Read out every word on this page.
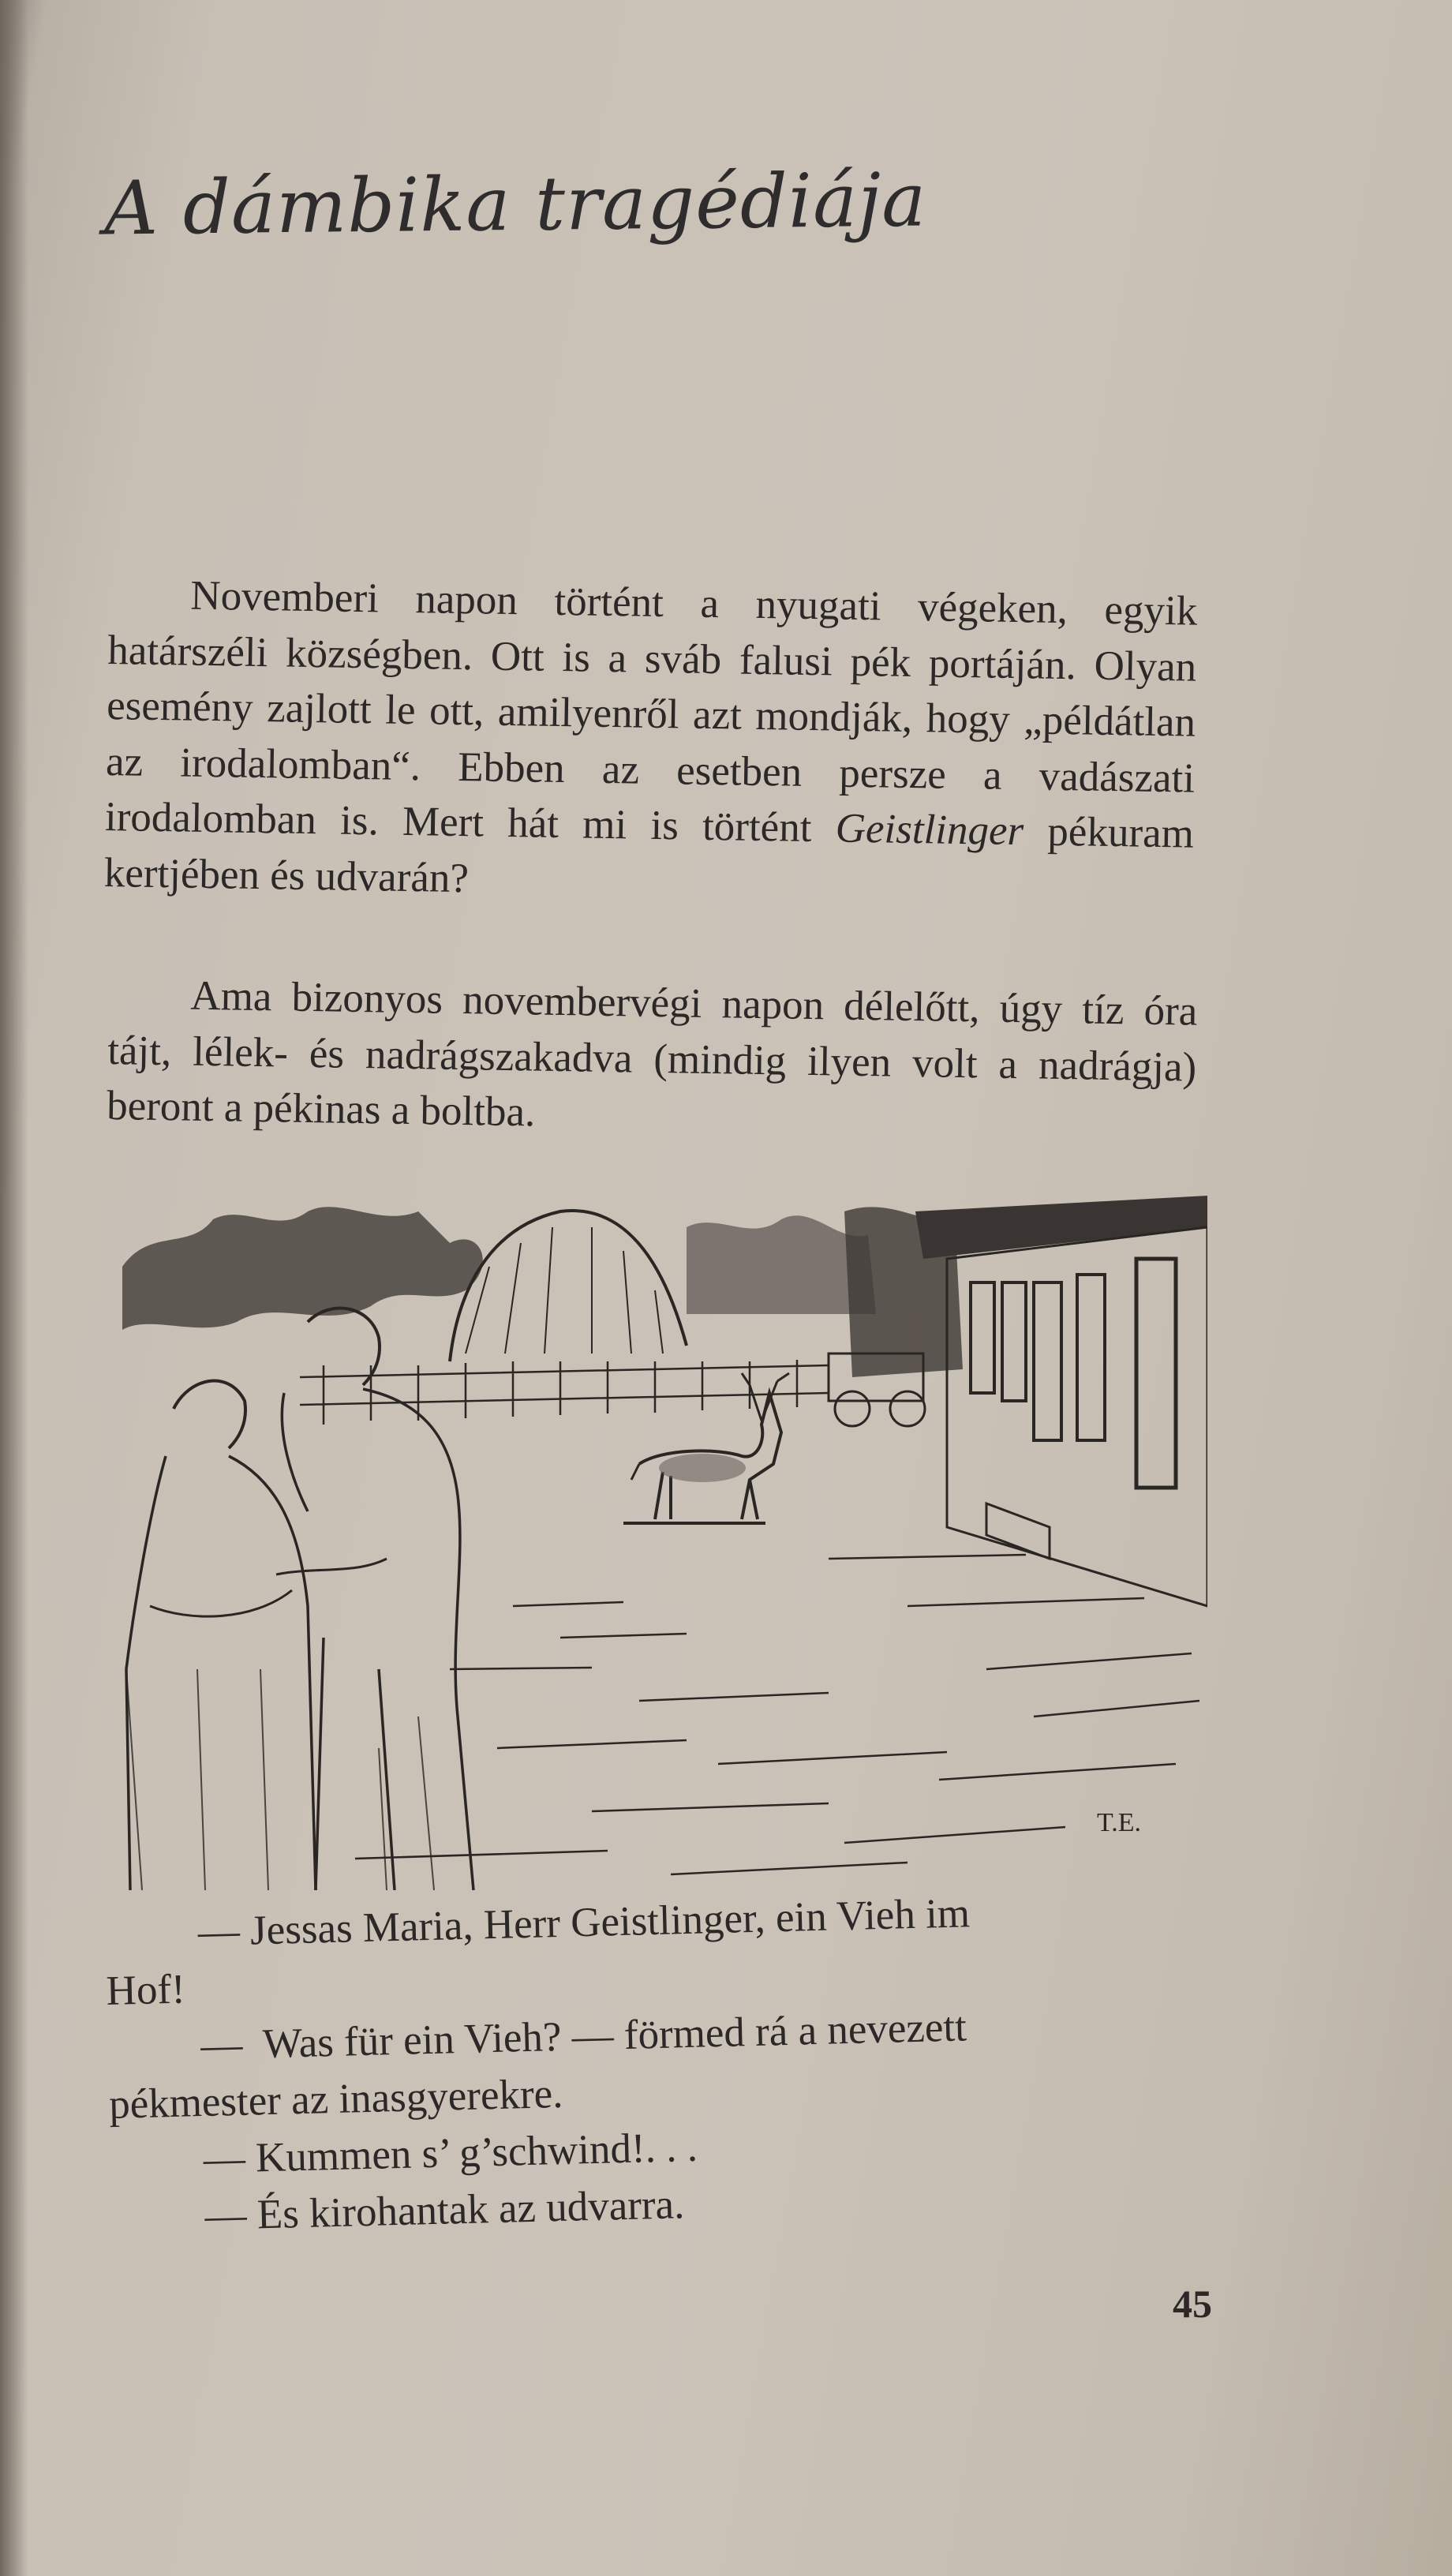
A dámbika tragédiája

Novemberi napon történt a nyugati végeken, egyik határszéli községben. Ott is a sváb falusi pék portáján. Olyan esemény zajlott le ott, amilyenről azt mondják, hogy „példátlan az irodalomban“. Ebben az esetben persze a vadászati irodalomban is. Mert hát mi is történt Geistlinger pékuram kertjében és udvarán?

Ama bizonyos novembervégi napon délelőtt, úgy tíz óra tájt, lélek- és nadrágszakadva (mindig ilyen volt a nadrágja) beront a pékinas a boltba.

T.E.

— Jessas Maria, Herr Geistlinger, ein Vieh im

Hof!

—  Was für ein Vieh? — förmed rá a nevezett

pékmester az inasgyerekre.

— Kummen s’ g’schwind!. . .

— És kirohantak az udvarra.

45
